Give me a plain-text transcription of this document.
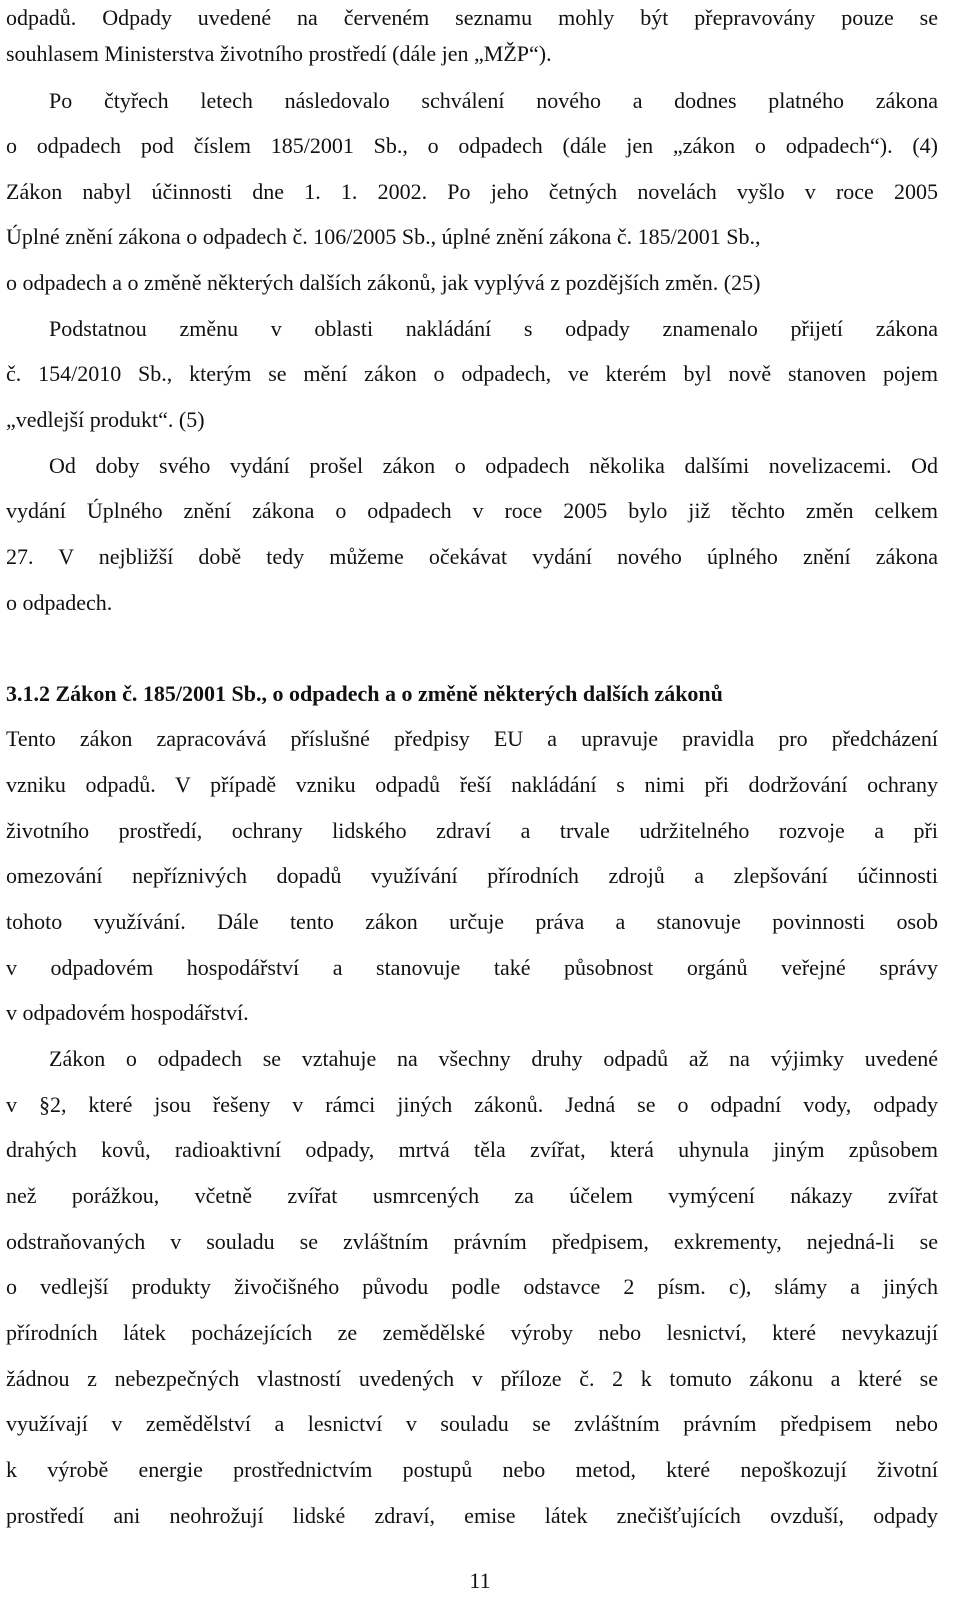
odpadů. Odpady uvedené na červeném seznamu mohly být přepravovány pouze se
souhlasem Ministerstva životního prostředí (dále jen „MŽP“).
Po čtyřech letech následovalo schválení nového a dodnes platného zákona
o odpadech pod číslem 185/2001 Sb., o odpadech (dále jen „zákon o odpadech“). (4)
Zákon nabyl účinnosti dne 1. 1. 2002. Po jeho četných novelách vyšlo v roce 2005
Úplné znění zákona o odpadech č. 106/2005 Sb., úplné znění zákona č. 185/2001 Sb.,
o odpadech a o změně některých dalších zákonů, jak vyplývá z pozdějších změn. (25)
Podstatnou změnu v oblasti nakládání s odpady znamenalo přijetí zákona
č. 154/2010 Sb., kterým se mění zákon o odpadech, ve kterém byl nově stanoven pojem
„vedlejší produkt“. (5)
Od doby svého vydání prošel zákon o odpadech několika dalšími novelizacemi. Od
vydání Úplného znění zákona o odpadech v roce 2005 bylo již těchto změn celkem
27. V nejbližší době tedy můžeme očekávat vydání nového úplného znění zákona
o odpadech.
3.1.2 Zákon č. 185/2001 Sb., o odpadech a o změně některých dalších zákonů
Tento zákon zapracovává příslušné předpisy EU a upravuje pravidla pro předcházení
vzniku odpadů. V případě vzniku odpadů řeší nakládání s nimi při dodržování ochrany
životního prostředí, ochrany lidského zdraví a trvale udržitelného rozvoje a při
omezování nepříznivých dopadů využívání přírodních zdrojů a zlepšování účinnosti
tohoto využívání. Dále tento zákon určuje práva a stanovuje povinnosti osob
v odpadovém hospodářství a stanovuje také působnost orgánů veřejné správy
v odpadovém hospodářství.
Zákon o odpadech se vztahuje na všechny druhy odpadů až na výjimky uvedené
v §2, které jsou řešeny v rámci jiných zákonů. Jedná se o odpadní vody, odpady
drahých kovů, radioaktivní odpady, mrtvá těla zvířat, která uhynula jiným způsobem
než porážkou, včetně zvířat usmrcených za účelem vymýcení nákazy zvířat
odstraňovaných v souladu se zvláštním právním předpisem, exkrementy, nejedná-li se
o vedlejší produkty živočišného původu podle odstavce 2 písm. c), slámy a jiných
přírodních látek pocházejících ze zemědělské výroby nebo lesnictví, které nevykazují
žádnou z nebezpečných vlastností uvedených v příloze č. 2 k tomuto zákonu a které se
využívají v zemědělství a lesnictví v souladu se zvláštním právním předpisem nebo
k výrobě energie prostřednictvím postupů nebo metod, které nepoškozují životní
prostředí ani neohrožují lidské zdraví, emise látek znečišťujících ovzduší, odpady
11
